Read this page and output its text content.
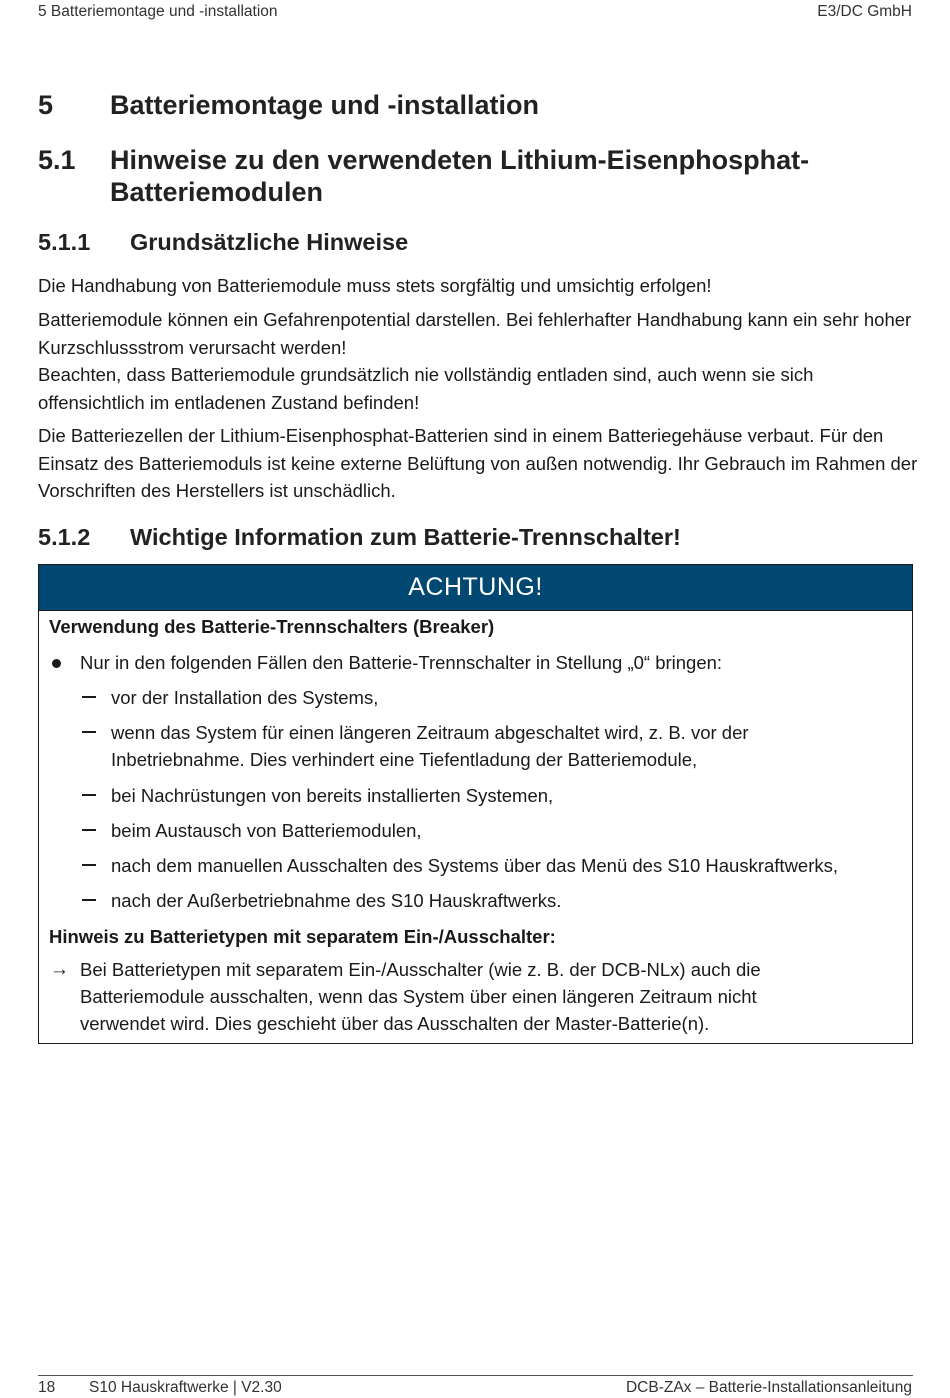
5 Batteriemontage und -installation	E3/DC GmbH
5 Batteriemontage und -installation
5.1 Hinweise zu den verwendeten Lithium-Eisenphosphat-
Batteriemodulen
5.1.1 Grundsätzliche Hinweise
Die Handhabung von Batteriemodule muss stets sorgfältig und umsichtig erfolgen!
Batteriemodule können ein Gefahrenpotential darstellen. Bei fehlerhafter Handhabung kann ein sehr hoher Kurzschlussstrom verursacht werden!
Beachten, dass Batteriemodule grundsätzlich nie vollständig entladen sind, auch wenn sie sich offensichtlich im entladenen Zustand befinden!
Die Batteriezellen der Lithium-Eisenphosphat-Batterien sind in einem Batteriegehäuse verbaut. Für den Einsatz des Batteriemoduls ist keine externe Belüftung von außen notwendig. Ihr Gebrauch im Rahmen der Vorschriften des Herstellers ist unschädlich.
5.1.2 Wichtige Information zum Batterie-Trennschalter!
ACHTUNG!
Verwendung des Batterie-Trennschalters (Breaker)
Nur in den folgenden Fällen den Batterie-Trennschalter in Stellung „0“ bringen:
vor der Installation des Systems,
wenn das System für einen längeren Zeitraum abgeschaltet wird, z. B. vor der
Inbetriebnahme. Dies verhindert eine Tiefentladung der Batteriemodule,
bei Nachrüstungen von bereits installierten Systemen,
beim Austausch von Batteriemodulen,
nach dem manuellen Ausschalten des Systems über das Menü des S10 Hauskraftwerks,
nach der Außerbetriebnahme des S10 Hauskraftwerks.
Hinweis zu Batterietypen mit separatem Ein-/Ausschalter:
→ Bei Batterietypen mit separatem Ein-/Ausschalter (wie z. B. der DCB-NLx) auch die
Batteriemodule ausschalten, wenn das System über einen längeren Zeitraum nicht
verwendet wird. Dies geschieht über das Ausschalten der Master-Batterie(n).
18 S10 Hauskraftwerke | V2.30	DCB-ZAx – Batterie-Installationsanleitung
